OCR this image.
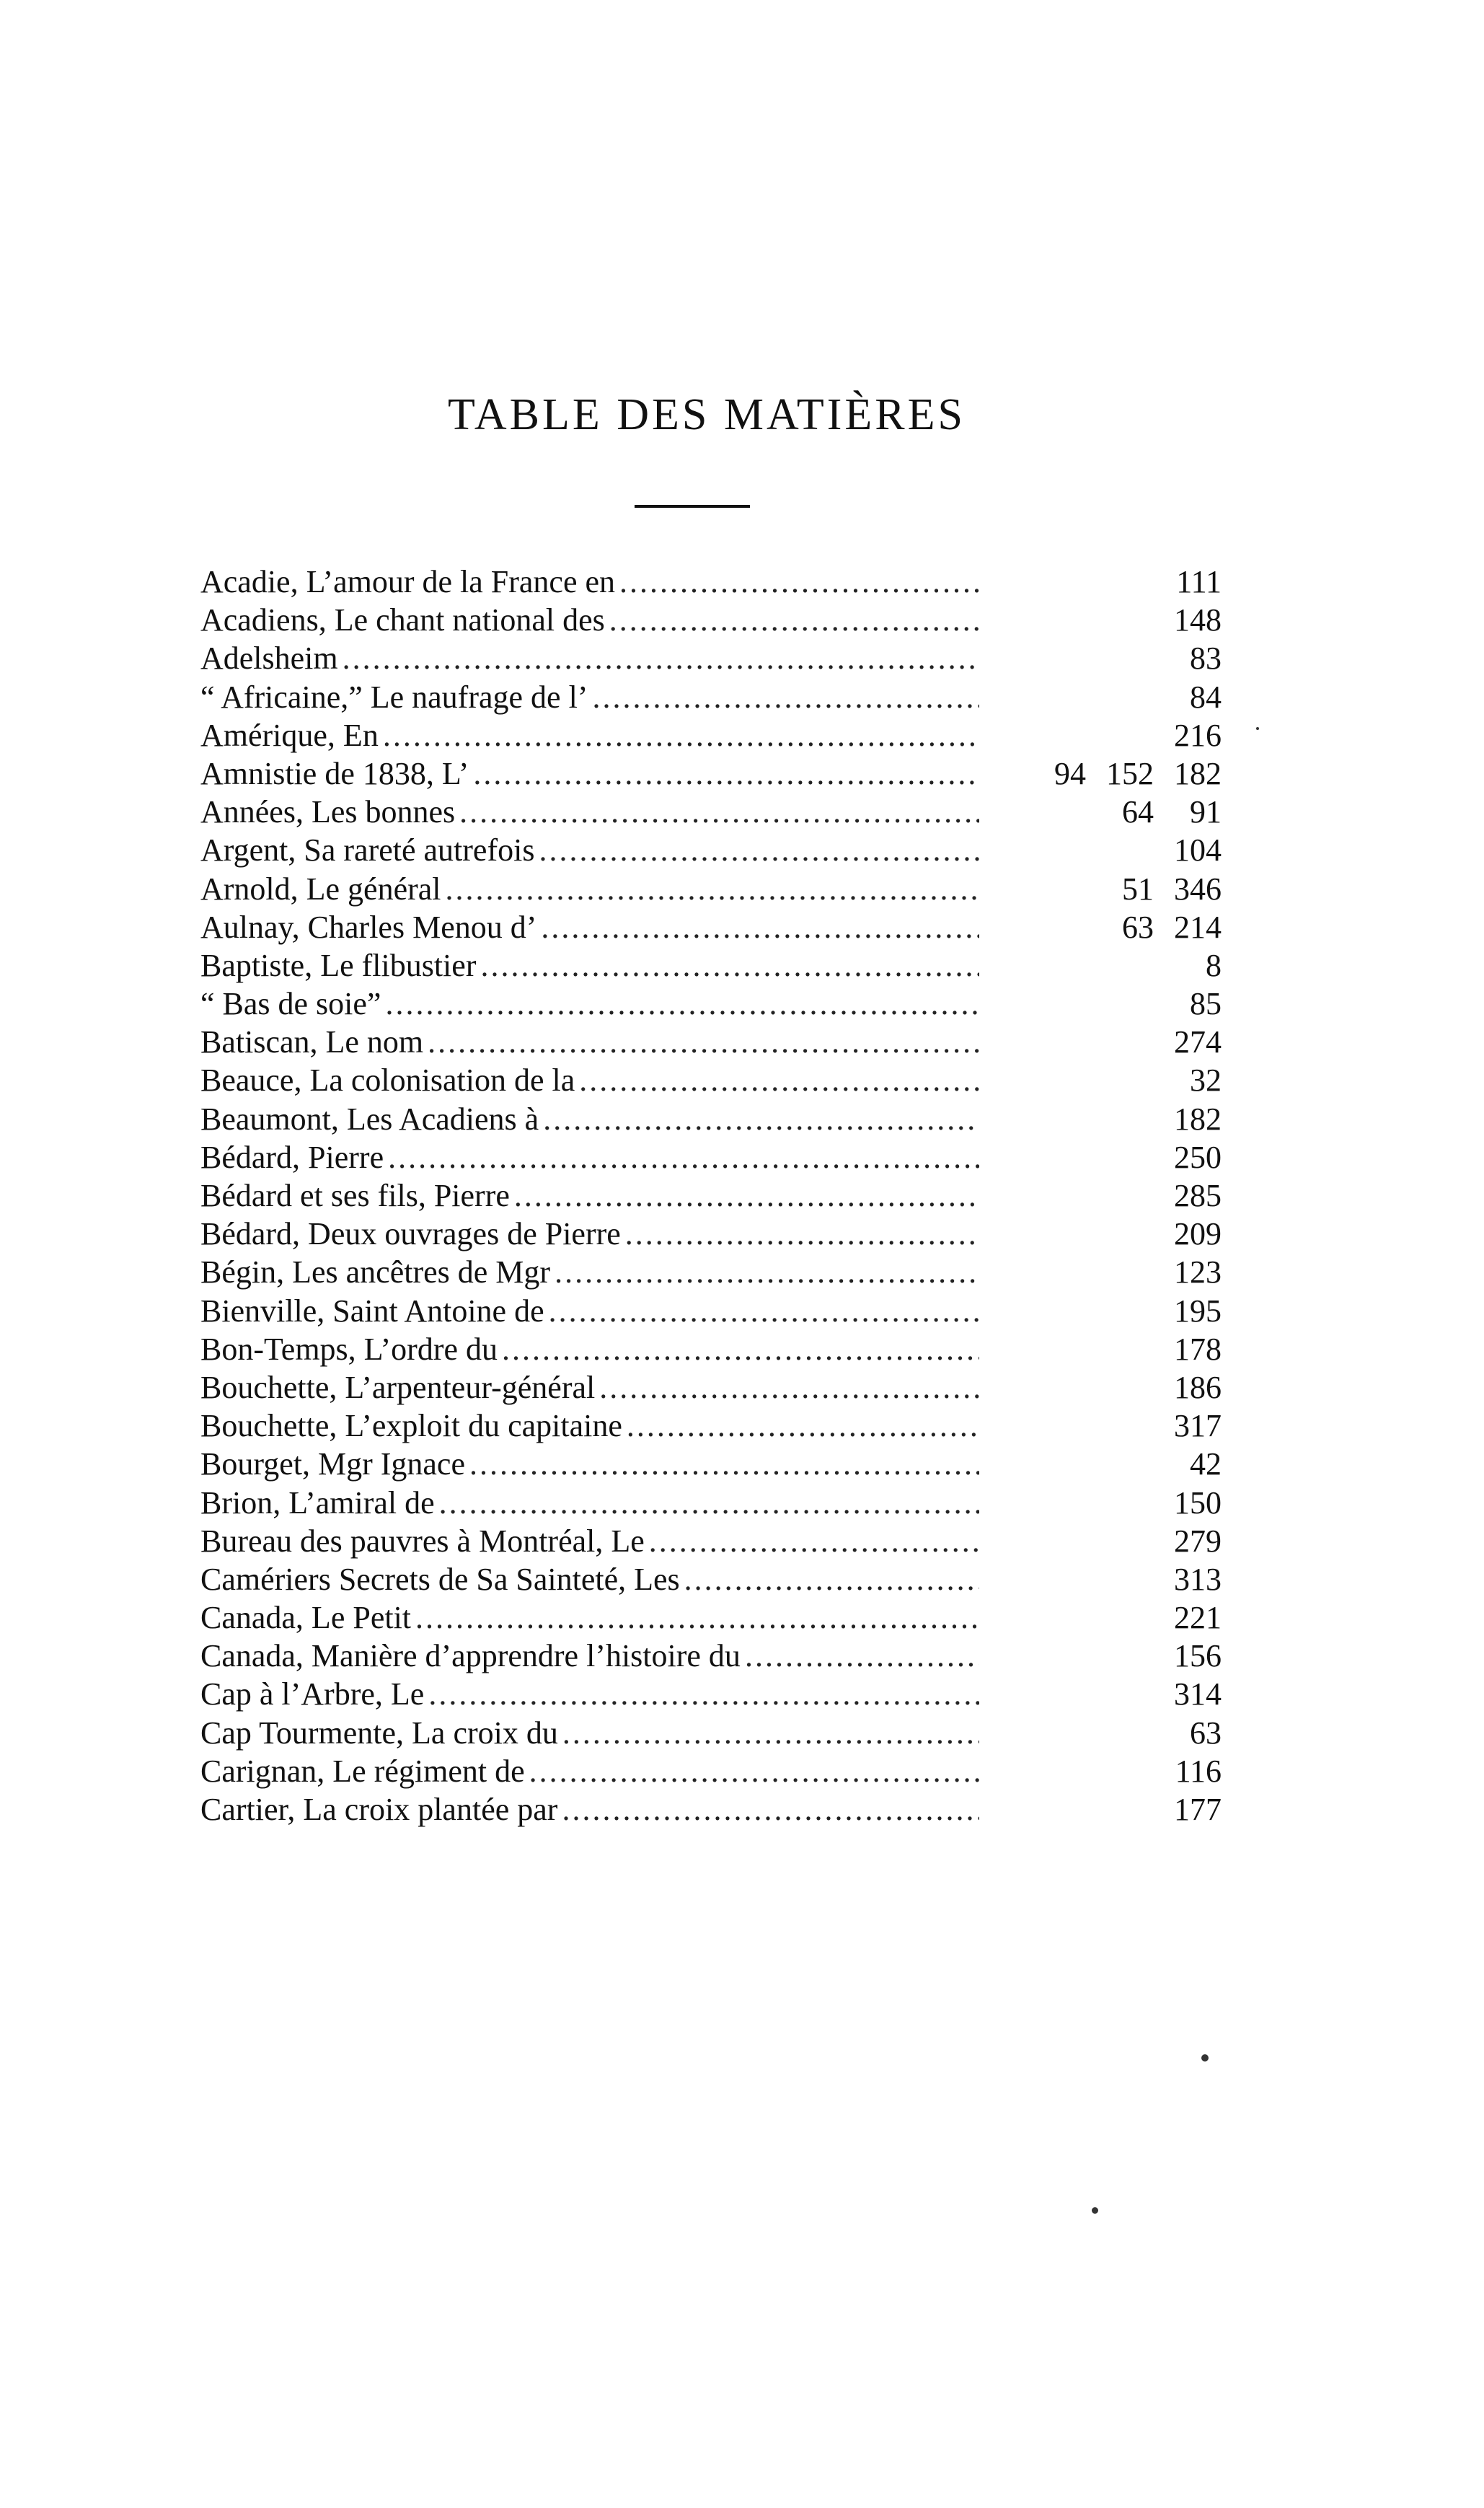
TABLE DES MATIÈRES
Acadie, L’amour de la France en .....	111
Acadiens, Le chant national des .....	148
Adelsheim .....	83
“ Africaine,” Le naufrage de l’ .....	84
Amérique, En .....	216
Amnistie de 1838, L’ .....	94 152 182
Années, Les bonnes .....	64	91
Argent, Sa rareté autrefois .....	104
Arnold, Le général .....	51 346
Aulnay, Charles Menou d’ .....	63 214
Baptiste, Le flibustier .....	8
“ Bas de soie” .....	85
Batiscan, Le nom .....	274
Beauce, La colonisation de la .....	32
Beaumont, Les Acadiens à .....	182
Bédard, Pierre .....	250
Bédard et ses fils, Pierre .....	285
Bédard, Deux ouvrages de Pierre .....	209
Bégin, Les ancêtres de Mgr .....	123
Bienville, Saint Antoine de .....	195
Bon-Temps, L’ordre du .....	178
Bouchette, L’arpenteur-général .....	186
Bouchette, L’exploit du capitaine .....	317
Bourget, Mgr Ignace .....	42
Brion, L’amiral de .....	150
Bureau des pauvres à Montréal, Le .....	279
Camériers Secrets de Sa Sainteté, Les .....	313
Canada, Le Petit .....	221
Canada, Manière d’apprendre l’histoire du .....	156
Cap à l’Arbre, Le .....	314
Cap Tourmente, La croix du .....	63
Carignan, Le régiment de .....	116
Cartier, La croix plantée par .....	177
